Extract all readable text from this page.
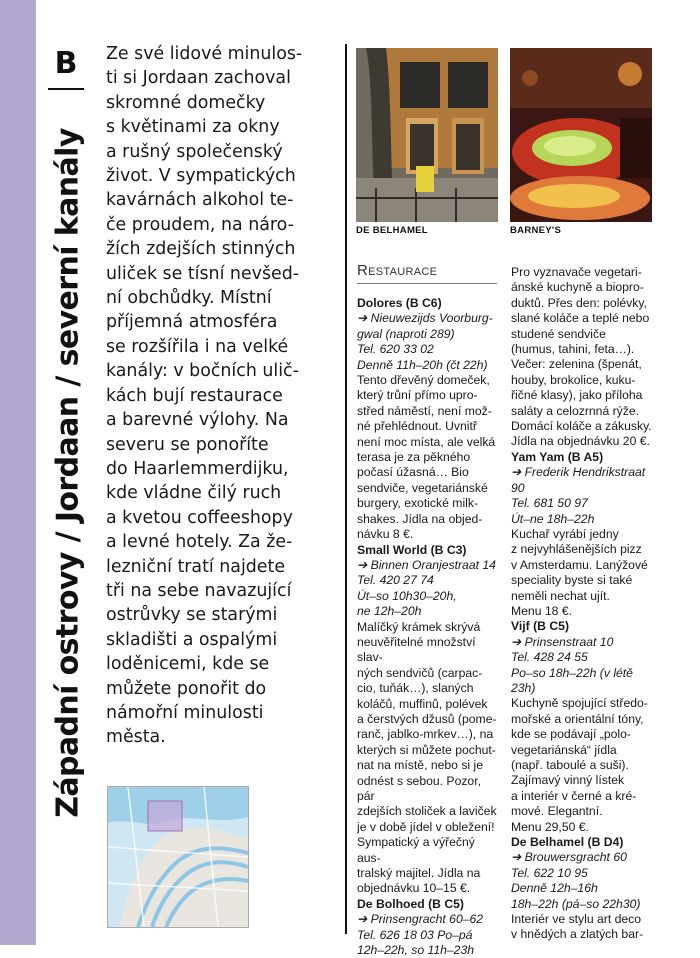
B
Západní ostrovy / Jordaan / severní kanály

Ze své lidové minulos-

ti si Jordaan zachoval

skromné domečky

s květinami za okny

a rušný společenský

život. V sympatických

kavárnách alkohol te-

če proudem, na náro-

žích zdejších stinných

uliček se tísní nevšed-

ní obchůdky. Místní

příjemná atmosféra

se rozšířila i na velké

kanály: v bočních ulič-

kách bují restaurace

a barevné výlohy. Na

severu se ponoříte

do Haarlemmerdijku,

kde vládne čilý ruch

a kvetou coffeeshopy

a levné hotely. Za že-

lezniční tratí najdete

tři na sebe navazující

ostrůvky se starými

skladišti a ospalými

loděnicemi, kde se

můžete ponořit do

námořní minulosti

města.

DE BELHAMEL	BARNEY'S
Restaurace

Dolores (B C6)

➔ Nieuwezijds Voorburg-

gwal (naproti 289)

Tel. 620 33 02

Denně 11h–20h (čt 22h)

Tento dřevěný domeček,

který trůní přímo upro-

střed náměstí, není mož-

né přehlédnout. Uvnitř

není moc místa, ale velká

terasa je za pěkného

počasí úžasná… Bio

sendviče, vegetariánské

burgery, exotické milk-

shakes. Jídla na objed-

návku 8 €.

Small World (B C3)

➔ Binnen Oranjestraat 14

Tel. 420 27 74

Út–so 10h30–20h,

ne 12h–20h

Malíčký krámek skrývá

neuvěřitelné množství slav-

ných sendvičů (carpac-

cio, tuňák…), slaných

koláčů, muffinů, polévek

a čerstvých džusů (pome-

ranč, jablko-mrkev…), na

kterých si můžete pochut-

nat na místě, nebo si je

odnést s sebou. Pozor, pár

zdejších stoliček a laviček

je v době jídel v obležení!

Sympatický a výřečný aus-

tralský majitel. Jídla na

objednávku 10–15 €.

De Bolhoed (B C5)

➔ Prinsengracht 60–62

Tel. 626 18 03 Po–pá

12h–22h, so 11h–23h

Pro vyznavače vegetari-

ánské kuchyně a biopro-

duktů. Přes den: polévky,

slané koláče a teplé nebo

studené sendviče

(humus, tahini, feta…).

Večer: zelenina (špenát,

houby, brokolice, kuku-

řičné klasy), jako příloha

saláty a celozrnná rýže.

Domácí koláče a zákusky.

Jídla na objednávku 20 €.

Yam Yam (B A5)

➔ Frederik Hendrikstraat 90

Tel. 681 50 97

Út–ne 18h–22h

Kuchař vyrábí jedny

z nejvyhlášenějších pizz

v Amsterdamu. Lanýžové

speciality byste si také

neměli nechat ujít.

Menu 18 €.

Vijf (B C5)

➔ Prinsenstraat 10

Tel. 428 24 55

Po–so 18h–22h (v létě 23h)

Kuchyně spojující středo-

mořské a orientální tóny,

kde se podávají „polo-

vegetariánská“ jídla

(např. taboulé a suši).

Zajímavý vinný lístek

a interiér v černé a kré-

mové. Elegantní.

Menu 29,50 €.

De Belhamel (B D4)

➔ Brouwersgracht 60

Tel. 622 10 95

Denně 12h–16h

18h–22h (pá–so 22h30)

Interiér ve stylu art deco

v hnědých a zlatých bar-
